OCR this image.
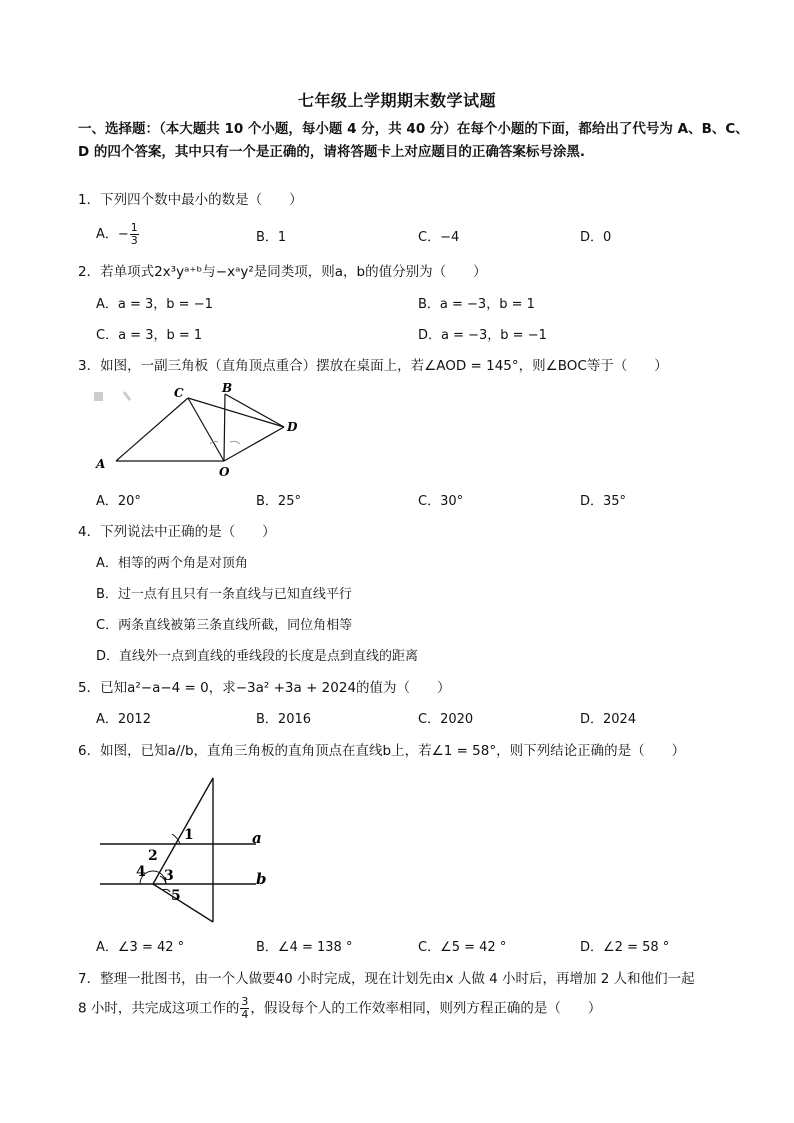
七年级上学期期末数学试题
一、选择题：（本大题共 10 个小题，每小题 4 分，共 40 分）在每个小题的下面，都给出了代号为 A、B、C、D 的四个答案，其中只有一个是正确的，请将答题卡上对应题目的正确答案标号涂黑.
1．下列四个数中最小的数是（　　）
A．− $\frac{1}{3}$	B．1	C．−4	D．0
2．若单项式2x³yᵃ⁺ᵇ与−xᵃy²是同类项，则a，b的值分别为（　　）
A．a = 3，b = −1	B．a = −3，b = 1
C．a = 3，b = 1	D．a = −3，b = −1
3．如图，一副三角板（直角顶点重合）摆放在桌面上，若∠AOD = 145°，则∠BOC等于（　　）
A
B
C
D
O
A．20°	B．25°	C．30°	D．35°
4．下列说法中正确的是（　　）
A．相等的两个角是对顶角
B．过一点有且只有一条直线与已知直线平行
C．两条直线被第三条直线所截，同位角相等
D．直线外一点到直线的垂线段的长度是点到直线的距离
5．已知a²−a−4 = 0，求−3a² +3a + 2024的值为（　　）
A．2012	B．2016	C．2020	D．2024
6．如图，已知a//b，直角三角板的直角顶点在直线b上，若∠1 = 58°，则下列结论正确的是（　　）
1
2
3
4
5
a
b
A．∠3 = 42 °	B．∠4 = 138 °	C．∠5 = 42 °	D．∠2 = 58 °
7．整理一批图书，由一个人做要40 小时完成，现在计划先由x 人做 4 小时后，再增加 2 人和他们一起
8 小时，共完成这项工作的 $\frac{3}{4}$ ，假设每个人的工作效率相同，则列方程正确的是（　　）
